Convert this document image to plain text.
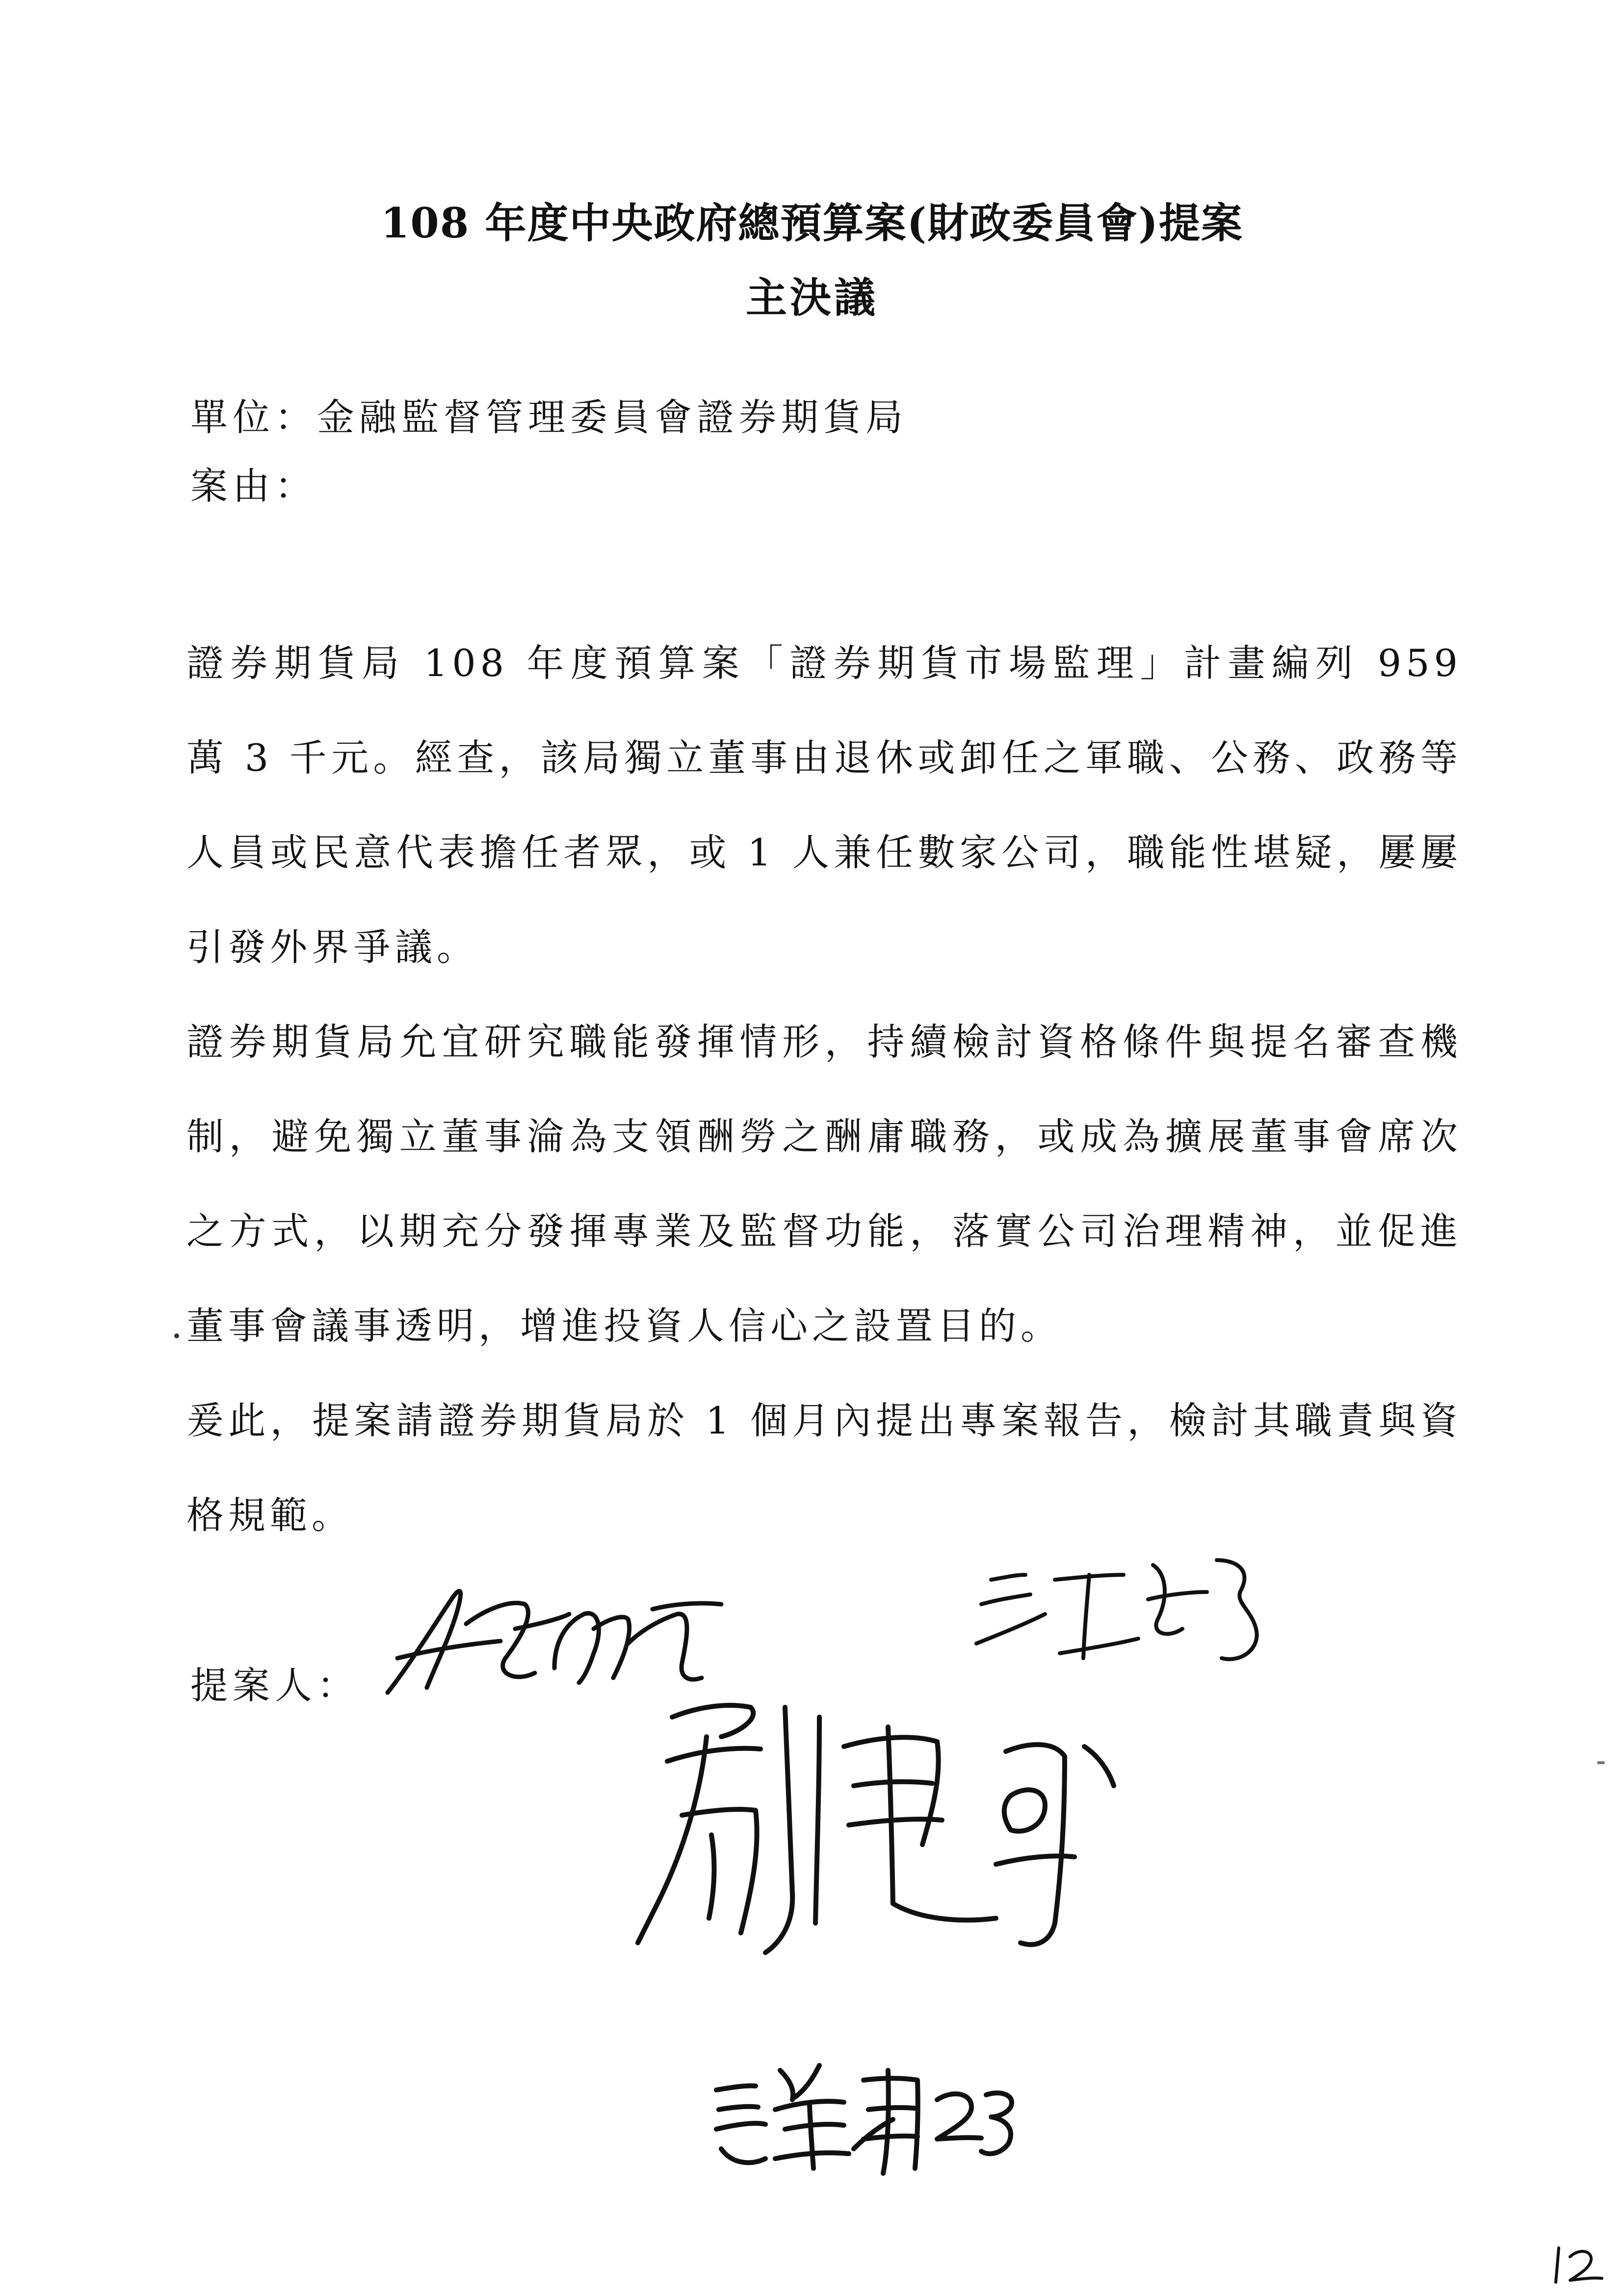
108 年度中央政府總預算案(財政委員會)提案
主決議
單位：金融監督管理委員會證券期貨局
案由：

證券期貨局 108 年度預算案「證券期貨市場監理」計畫編列 959 萬 3 千元。經查，該局獨立董事由退休或卸任之軍職、公務、政務等人員或民意代表擔任者眾，或 1 人兼任數家公司，職能性堪疑，屢屢引發外界爭議。

證券期貨局允宜研究職能發揮情形，持續檢討資格條件與提名審查機制，避免獨立董事淪為支領酬勞之酬庸職務，或成為擴展董事會席次之方式，以期充分發揮專業及監督功能，落實公司治理精神，並促進董事會議事透明，增進投資人信心之設置目的。

爰此，提案請證券期貨局於 1 個月內提出專案報告，檢討其職責與資格規範。

提案人：
